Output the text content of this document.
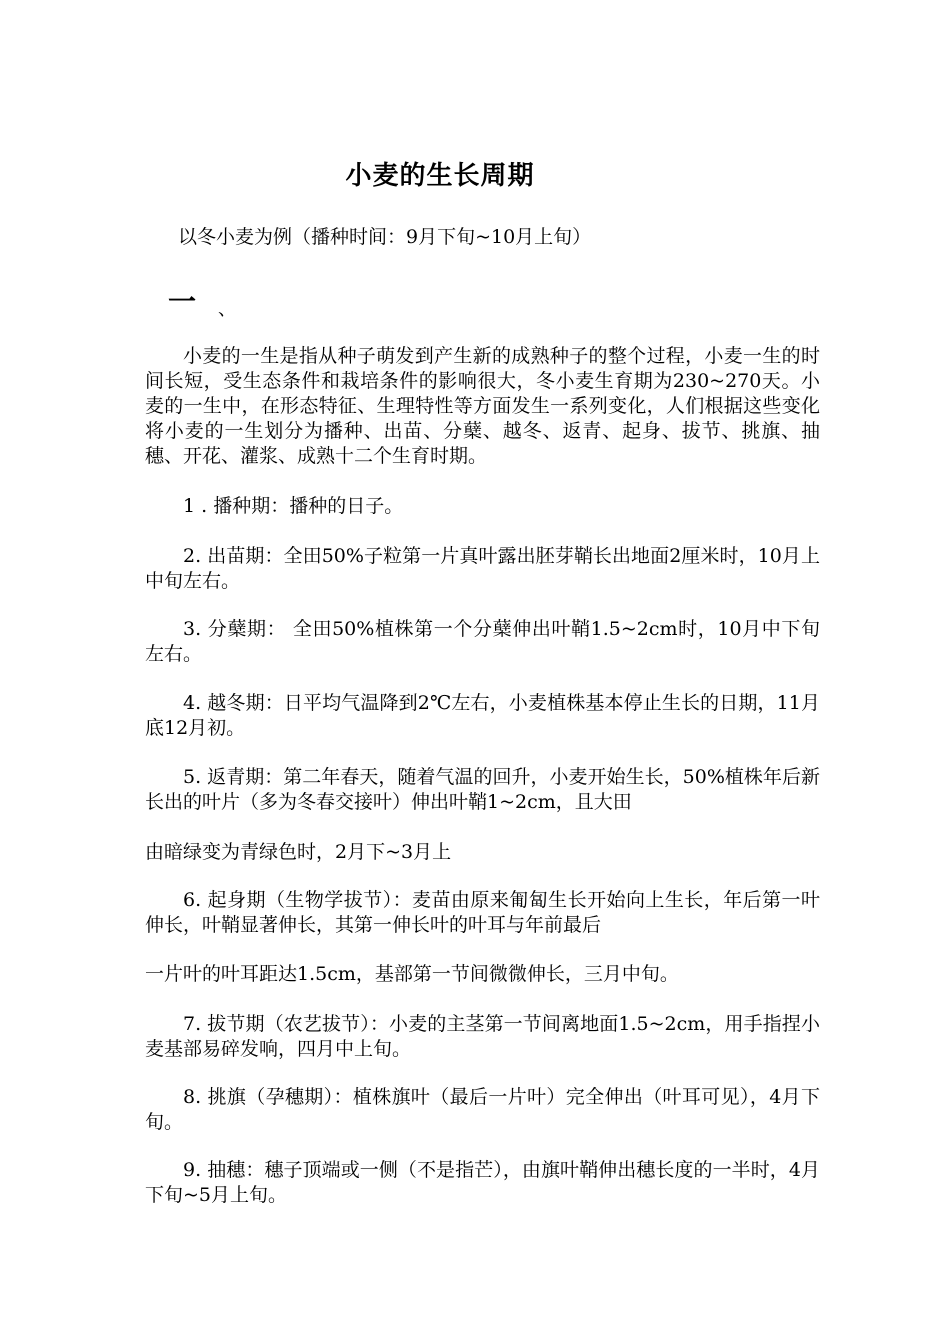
小麦的生长周期
以冬小麦为例（播种时间：9月下旬~10月上旬）
一 、

小麦的一生是指从种子萌发到产生新的成熟种子的整个过程，小麦一生的时间长短，受生态条件和栽培条件的影响很大，冬小麦生育期为230~270天。小麦的一生中，在形态特征、生理特性等方面发生一系列变化，人们根据这些变化将小麦的一生划分为播种、出苗、分蘖、越冬、返青、起身、拔节、挑旗、抽穗、开花、灌浆、成熟十二个生育时期。

1 . 播种期：播种的日子。

2. 出苗期：全田50%子粒第一片真叶露出胚芽鞘长出地面2厘米时，10月上中旬左右。

3. 分蘖期： 全田50%植株第一个分蘖伸出叶鞘1.5~2cm时，10月中下旬左右。

4. 越冬期：日平均气温降到2℃左右，小麦植株基本停止生长的日期，11月底12月初。

5. 返青期：第二年春天，随着气温的回升，小麦开始生长，50%植株年后新长出的叶片（多为冬春交接叶）伸出叶鞘1~2cm，且大田

由暗绿变为青绿色时，2月下~3月上

6. 起身期（生物学拔节）：麦苗由原来匍匐生长开始向上生长，年后第一叶伸长，叶鞘显著伸长，其第一伸长叶的叶耳与年前最后

一片叶的叶耳距达1.5cm，基部第一节间微微伸长，三月中旬。

7. 拔节期（农艺拔节）：小麦的主茎第一节间离地面1.5~2cm，用手指捏小麦基部易碎发响，四月中上旬。

8. 挑旗（孕穗期）：植株旗叶（最后一片叶）完全伸出（叶耳可见），4月下旬。

9. 抽穗：穗子顶端或一侧（不是指芒），由旗叶鞘伸出穗长度的一半时，4月下旬~5月上旬。
